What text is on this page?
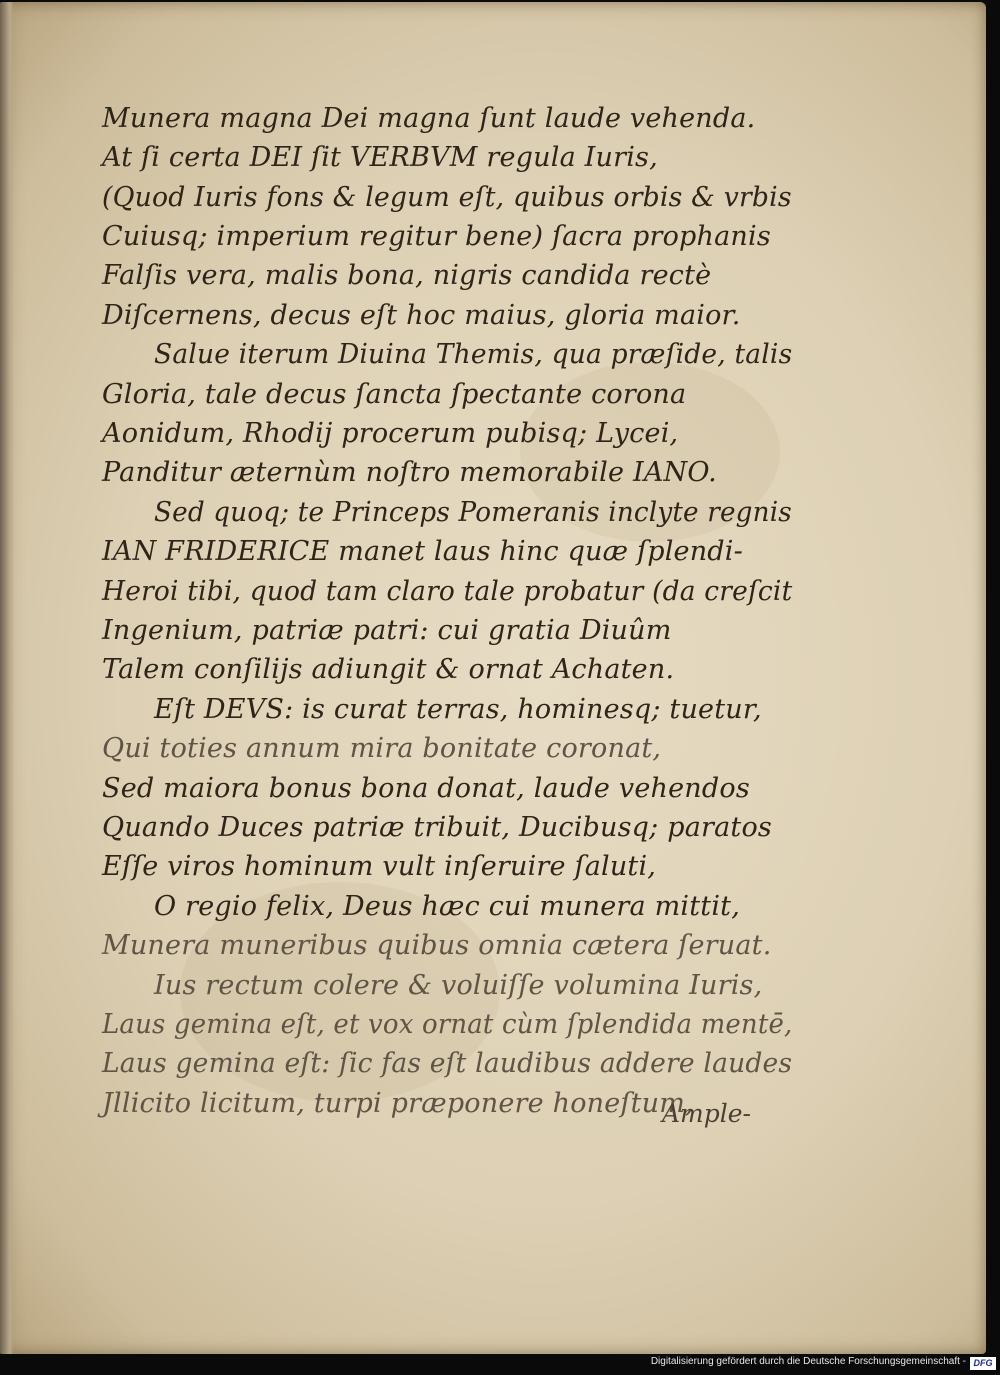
Munera magna Dei magna ſunt laude vehenda.
At ſi certa DEI ſit VERBVM regula Iuris,
(Quod Iuris fons & legum eſt, quibus orbis & vrbis
Cuiusq; imperium regitur bene) ſacra prophanis
Falſis vera, malis bona, nigris candida rectè
Diſcernens, decus eſt hoc maius, gloria maior.
Salue iterum Diuina Themis, qua præſide, talis
Gloria, tale decus ſancta ſpectante corona
Aonidum, Rhodij procerum pubisq; Lycei,
Panditur æternùm noſtro memorabile IANO.
Sed quoq; te Princeps Pomeranis inclyte regnis
IAN FRIDERICE manet laus hinc quæ ſplendi-
Heroi tibi, quod tam claro tale probatur (da creſcit
Ingenium, patriæ patri: cui gratia Diuûm
Talem conſilijs adiungit & ornat Achaten.
Eſt DEVS: is curat terras, hominesq; tuetur,
Qui toties annum mira bonitate coronat,
Sed maiora bonus bona donat, laude vehendos
Quando Duces patriæ tribuit, Ducibusq; paratos
Eſſe viros hominum vult inſeruire ſaluti,
O regio felix, Deus hæc cui munera mittit,
Munera muneribus quibus omnia cætera ſeruat.
Ius rectum colere & voluiſſe volumina Iuris,
Laus gemina eſt, et vox ornat cùm ſplendida mentē,
Laus gemina eſt: ſic fas eſt laudibus addere laudes
Jllicito licitum, turpi præponere honeſtum,
Ample-
Digitalisierung gefördert durch die Deutsche Forschungsgemeinschaft - DFG
